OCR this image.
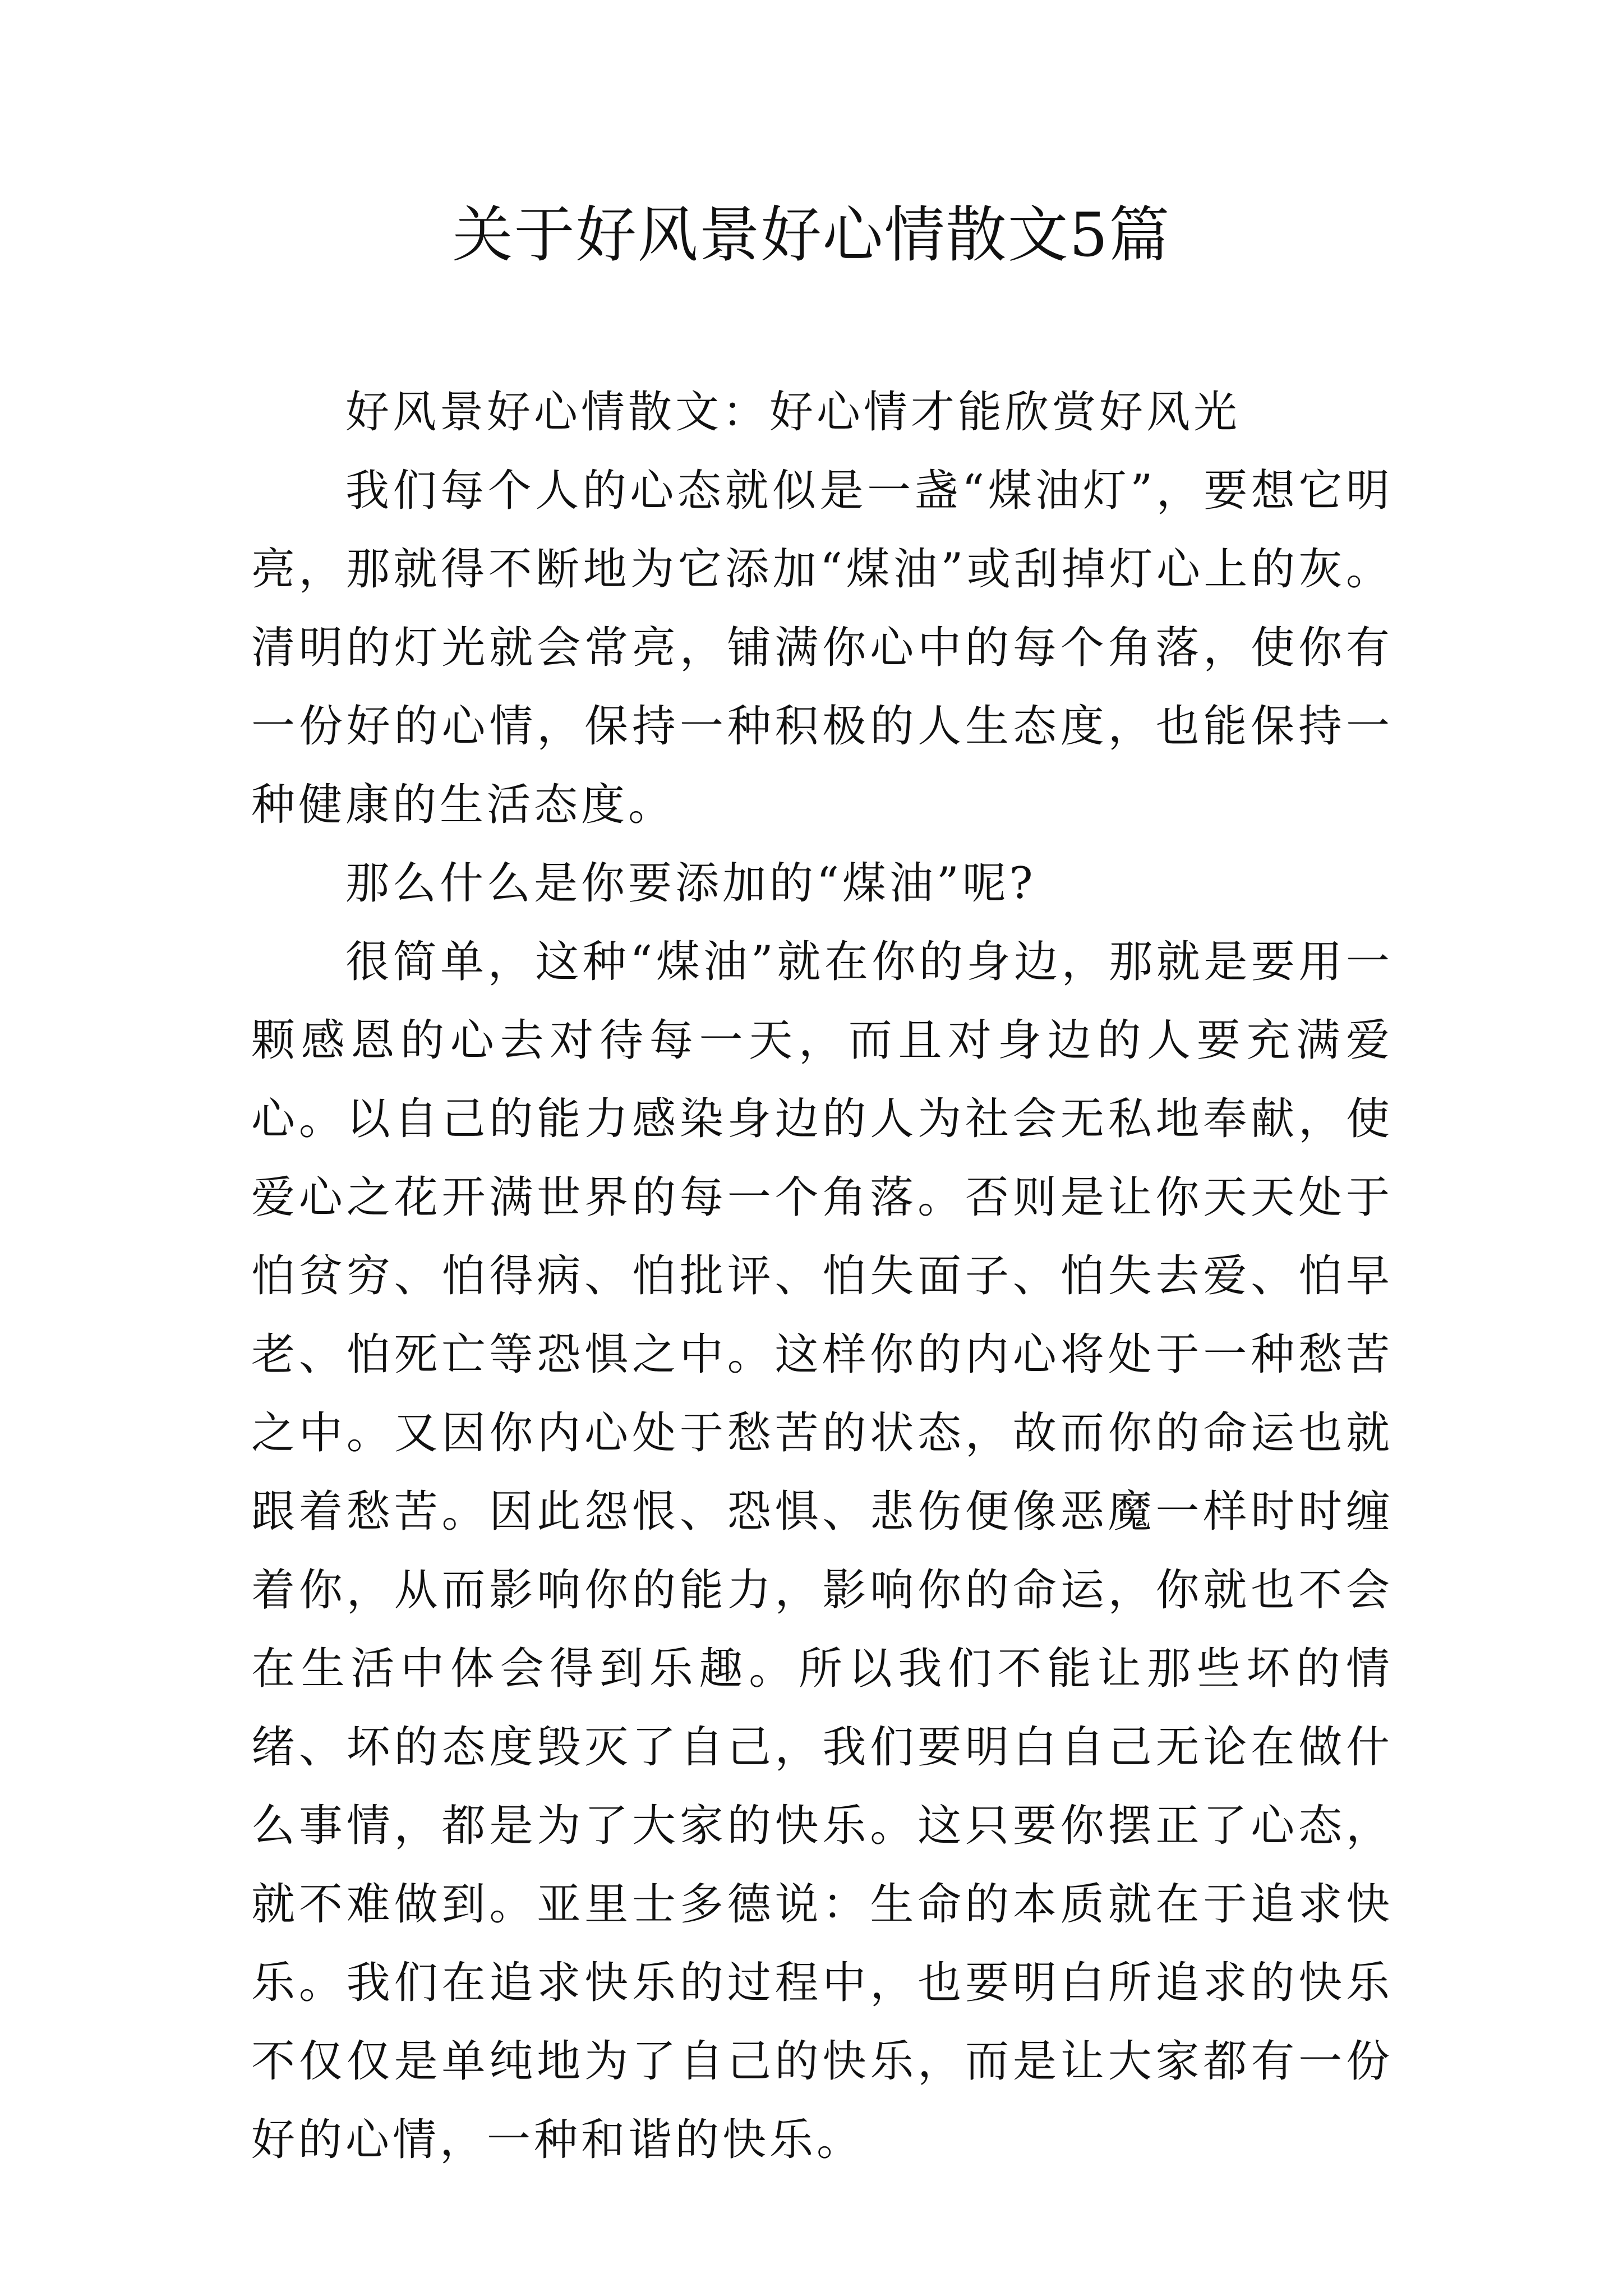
关于好风景好心情散文5篇

好风景好心情散文：好心情才能欣赏好风光

我们每个人的心态就似是一盏“煤油灯”，要想它明亮，那就得不断地为它添加“煤油”或刮掉灯心上的灰。清明的灯光就会常亮，铺满你心中的每个角落，使你有一份好的心情，保持一种积极的人生态度，也能保持一种健康的生活态度。

那么什么是你要添加的“煤油”呢?

很简单，这种“煤油”就在你的身边，那就是要用一颗感恩的心去对待每一天，而且对身边的人要充满爱心。以自己的能力感染身边的人为社会无私地奉献，使爱心之花开满世界的每一个角落。否则是让你天天处于怕贫穷、怕得病、怕批评、怕失面子、怕失去爱、怕早老、怕死亡等恐惧之中。这样你的内心将处于一种愁苦之中。又因你内心处于愁苦的状态，故而你的命运也就跟着愁苦。因此怨恨、恐惧、悲伤便像恶魔一样时时缠着你，从而影响你的能力，影响你的命运，你就也不会在生活中体会得到乐趣。所以我们不能让那些坏的情绪、坏的态度毁灭了自己，我们要明白自己无论在做什么事情，都是为了大家的快乐。这只要你摆正了心态，就不难做到。亚里士多德说：生命的本质就在于追求快乐。我们在追求快乐的过程中，也要明白所追求的快乐不仅仅是单纯地为了自己的快乐，而是让大家都有一份好的心情，一种和谐的快乐。
